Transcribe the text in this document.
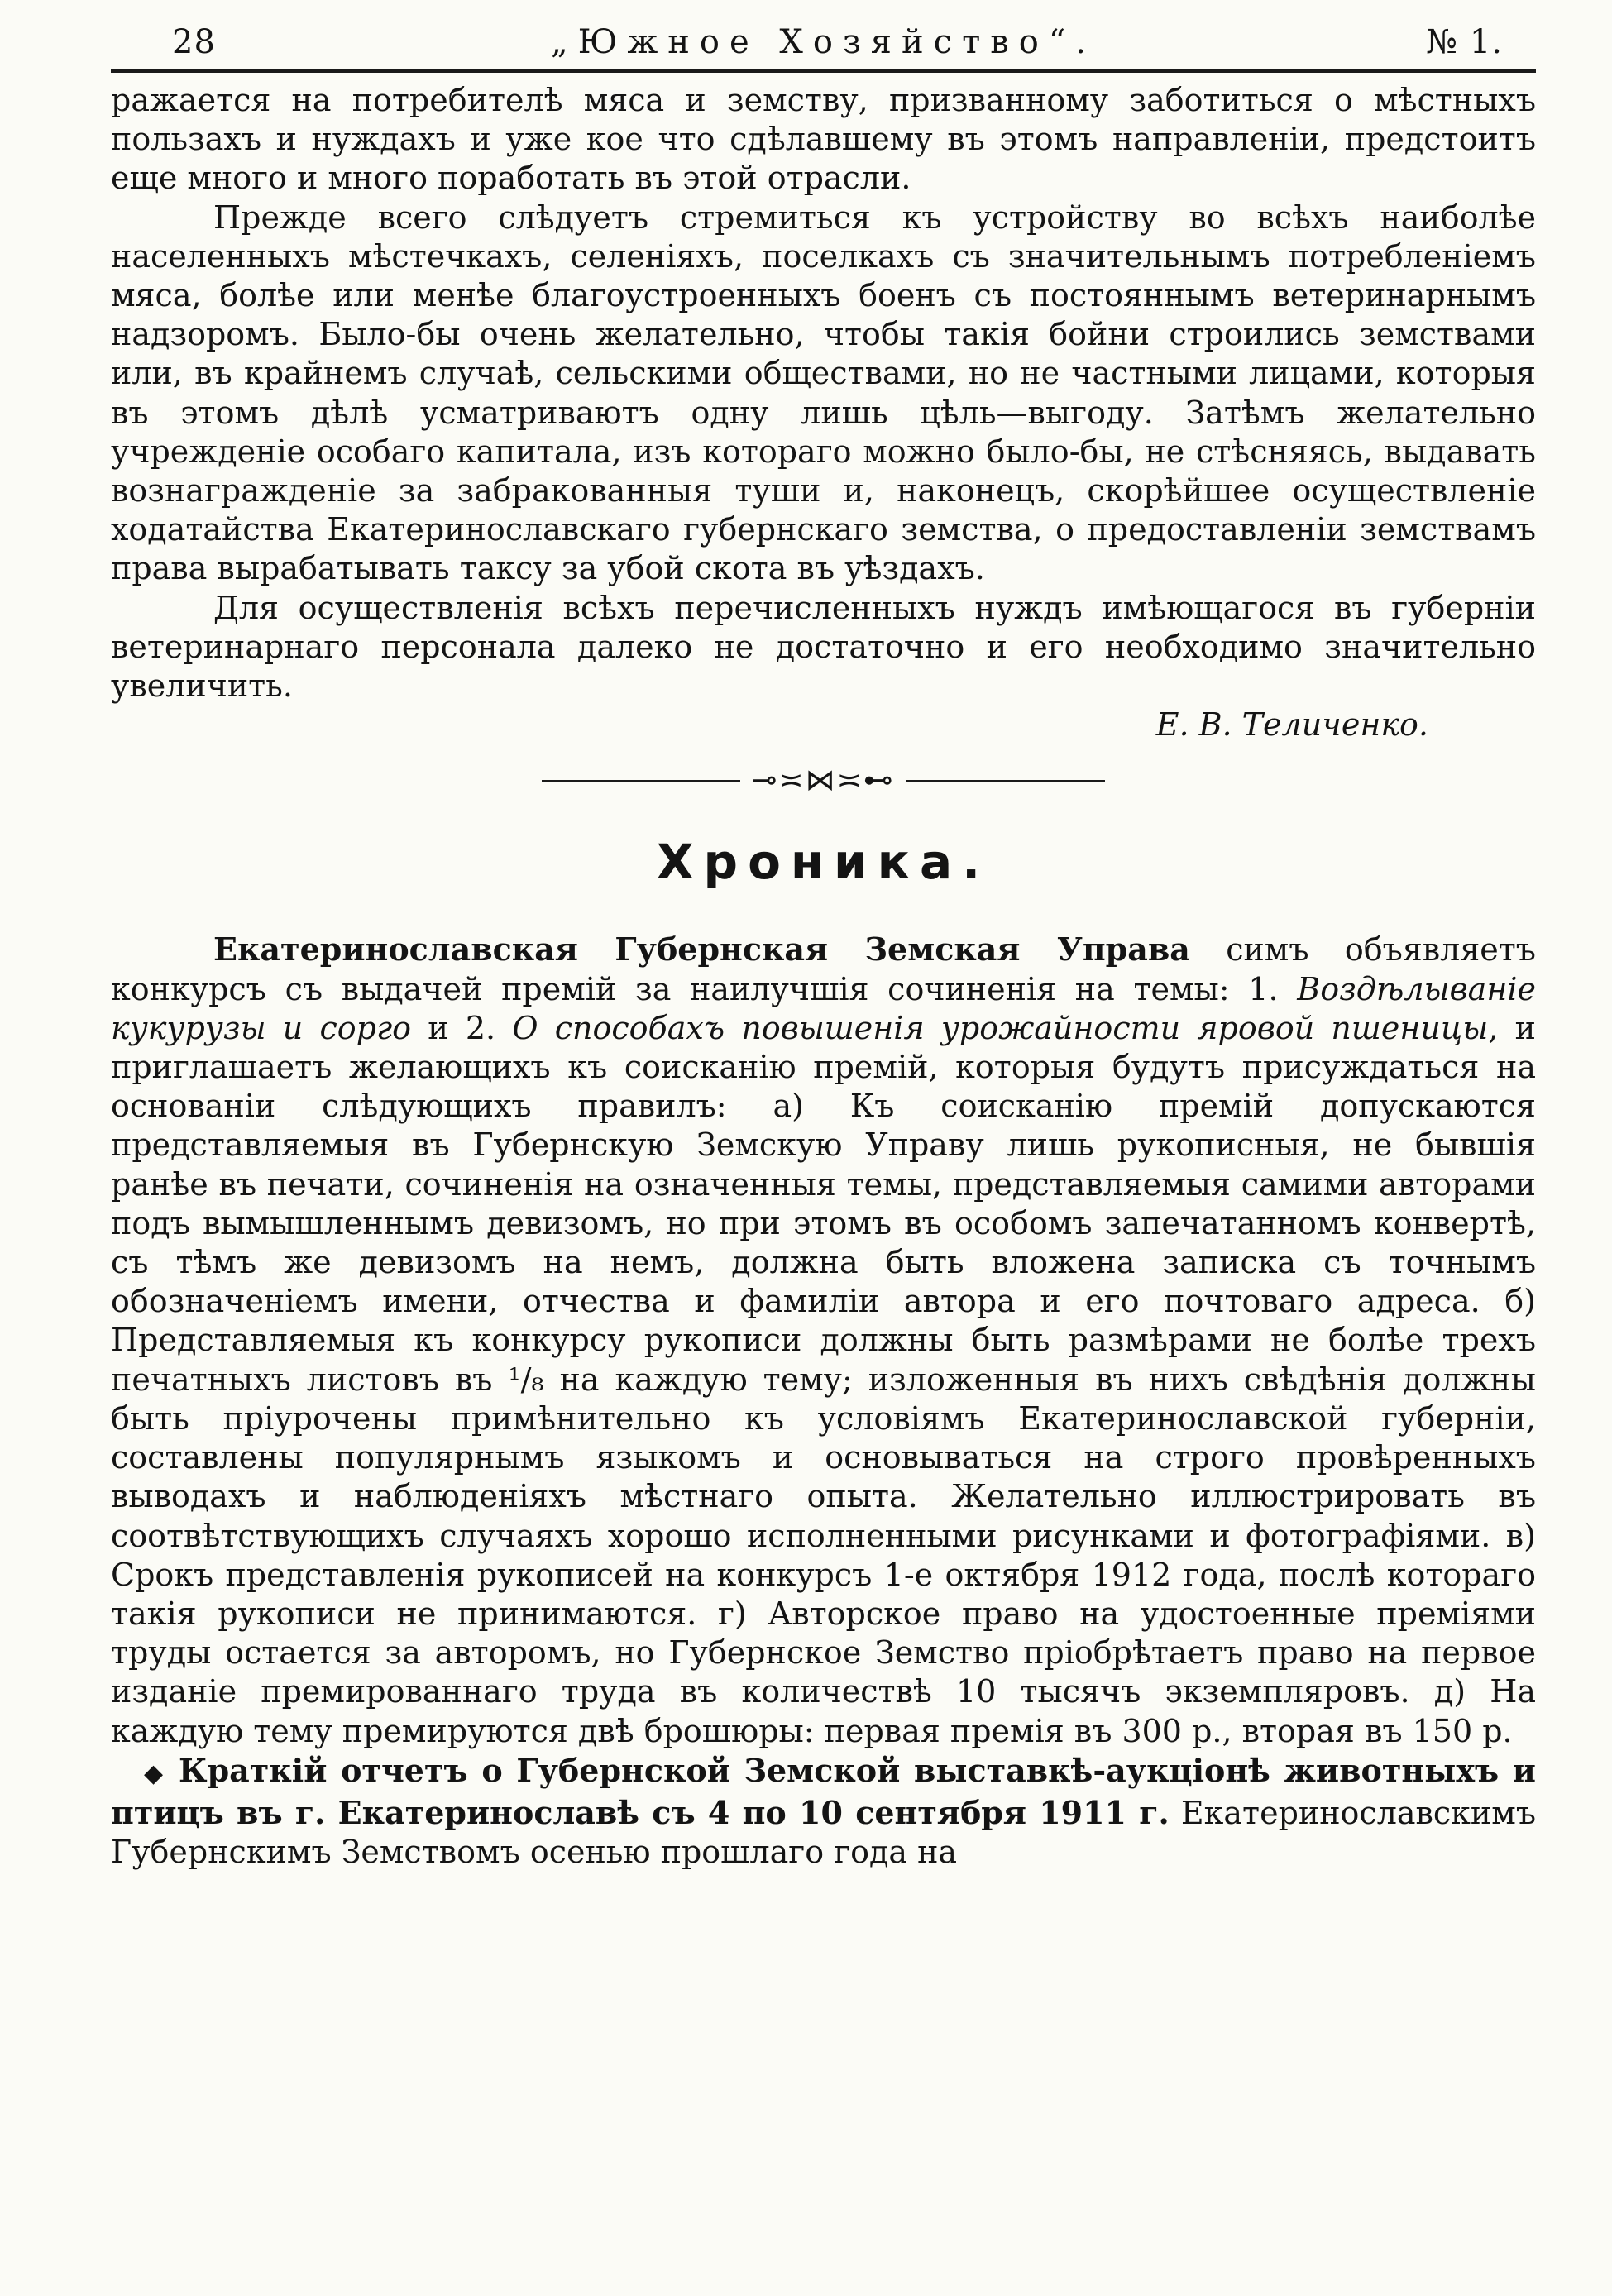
28	„Южное Хозяйство“.	№ 1.

ражается на потребителѣ мяса и земству, призванному заботиться о мѣстныхъ пользахъ и нуждахъ и уже кое что сдѣлавшему въ этомъ направленіи, предстоитъ еще много и много поработать въ этой отрасли.

Прежде всего слѣдуетъ стремиться къ устройству во всѣхъ наиболѣе населенныхъ мѣстечкахъ, селеніяхъ, поселкахъ съ значительнымъ потребленіемъ мяса, болѣе или менѣе благоустроенныхъ боенъ съ постояннымъ ветеринарнымъ надзоромъ. Было-бы очень желательно, чтобы такія бойни строились земствами или, въ крайнемъ случаѣ, сельскими обществами, но не частными лицами, которыя въ этомъ дѣлѣ усматриваютъ одну лишь цѣль—выгоду. Затѣмъ желательно учрежденіе особаго капитала, изъ котораго можно было-бы, не стѣсняясь, выдавать вознагражденіе за забракованныя туши и, наконецъ, скорѣйшее осуществленіе ходатайства Екатеринославскаго губернскаго земства, о предоставленіи земствамъ права вырабатывать таксу за убой скота въ уѣздахъ.

Для осуществленія всѣхъ перечисленныхъ нуждъ имѣющагося въ губерніи ветеринарнаго персонала далеко не достаточно и его необходимо значительно увеличить.

Е. В. Теличенко.

⊸≍⋈≍⊷
Хроника.

Екатеринославская Губернская Земская Управа симъ объявляетъ конкурсъ съ выдачей премій за наилучшія сочиненія на темы: 1. Воздѣлываніе кукурузы и сорго и 2. О способахъ повышенія урожайности яровой пшеницы, и приглашаетъ желающихъ къ соисканію премій, которыя будутъ присуждаться на основаніи слѣдующихъ правилъ: а) Къ соисканію премій допускаются представляемыя въ Губернскую Земскую Управу лишь рукописныя, не бывшія ранѣе въ печати, сочиненія на означенныя темы, представляемыя самими авторами подъ вымышленнымъ девизомъ, но при этомъ въ особомъ запечатанномъ конвертѣ, съ тѣмъ же девизомъ на немъ, должна быть вложена записка съ точнымъ обозначеніемъ имени, отчества и фамиліи автора и его почтоваго адреса. б) Представляемыя къ конкурсу рукописи должны быть размѣрами не болѣе трехъ печатныхъ листовъ въ ¹/₈ на каждую тему; изложенныя въ нихъ свѣдѣнія должны быть пріурочены примѣнительно къ условіямъ Екатеринославской губерніи, составлены популярнымъ языкомъ и основываться на строго провѣренныхъ выводахъ и наблюденіяхъ мѣстнаго опыта. Желательно иллюстрировать въ соотвѣтствующихъ случаяхъ хорошо исполненными рисунками и фотографіями. в) Срокъ представленія рукописей на конкурсъ 1-е октября 1912 года, послѣ котораго такія рукописи не принимаются. г) Авторское право на удостоенные преміями труды остается за авторомъ, но Губернское Земство пріобрѣтаетъ право на первое изданіе премированнаго труда въ количествѣ 10 тысячъ экземпляровъ. д) На каждую тему премируются двѣ брошюры: первая премія въ 300 р., вторая въ 150 р.

◆ Краткій отчетъ о Губернской Земской выставкѣ-аукціонѣ животныхъ и птицъ въ г. Екатеринославѣ съ 4 по 10 сентября 1911 г. Екатеринославскимъ Губернскимъ Земствомъ осенью прошлаго года на
